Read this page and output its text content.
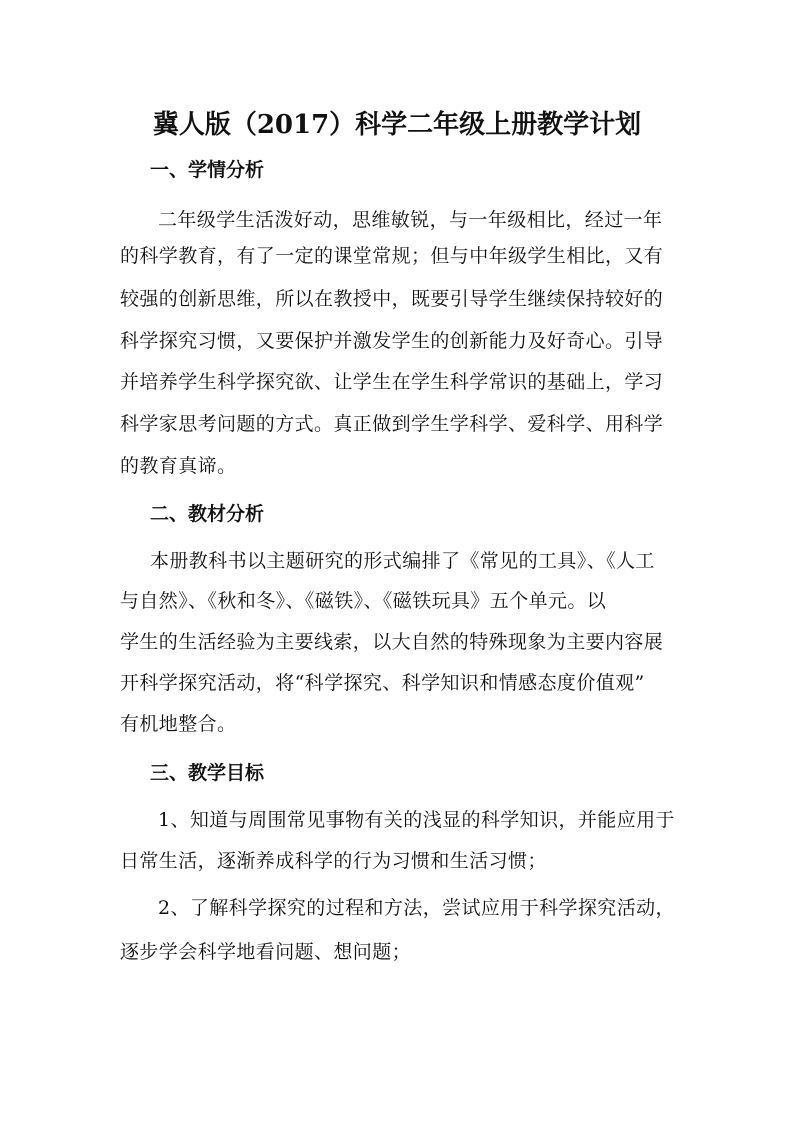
冀人版（2017）科学二年级上册教学计划
一、学情分析
二年级学生活泼好动，思维敏锐，与一年级相比，经过一年
的科学教育，有了一定的课堂常规；但与中年级学生相比，又有
较强的创新思维，所以在教授中，既要引导学生继续保持较好的
科学探究习惯，又要保护并激发学生的创新能力及好奇心。引导
并培养学生科学探究欲、让学生在学生科学常识的基础上，学习
科学家思考问题的方式。真正做到学生学科学、爱科学、用科学
的教育真谛。
二、教材分析
本册教科书以主题研究的形式编排了《常见的工具》、《人工
与自然》、《秋和冬》、《磁铁》、《磁铁玩具》五个单元。以
学生的生活经验为主要线索，以大自然的特殊现象为主要内容展
开科学探究活动，将“科学探究、科学知识和情感态度价值观”
有机地整合。
三、教学目标
1、知道与周围常见事物有关的浅显的科学知识，并能应用于
日常生活，逐渐养成科学的行为习惯和生活习惯；
2、了解科学探究的过程和方法，尝试应用于科学探究活动，
逐步学会科学地看问题、想问题；
